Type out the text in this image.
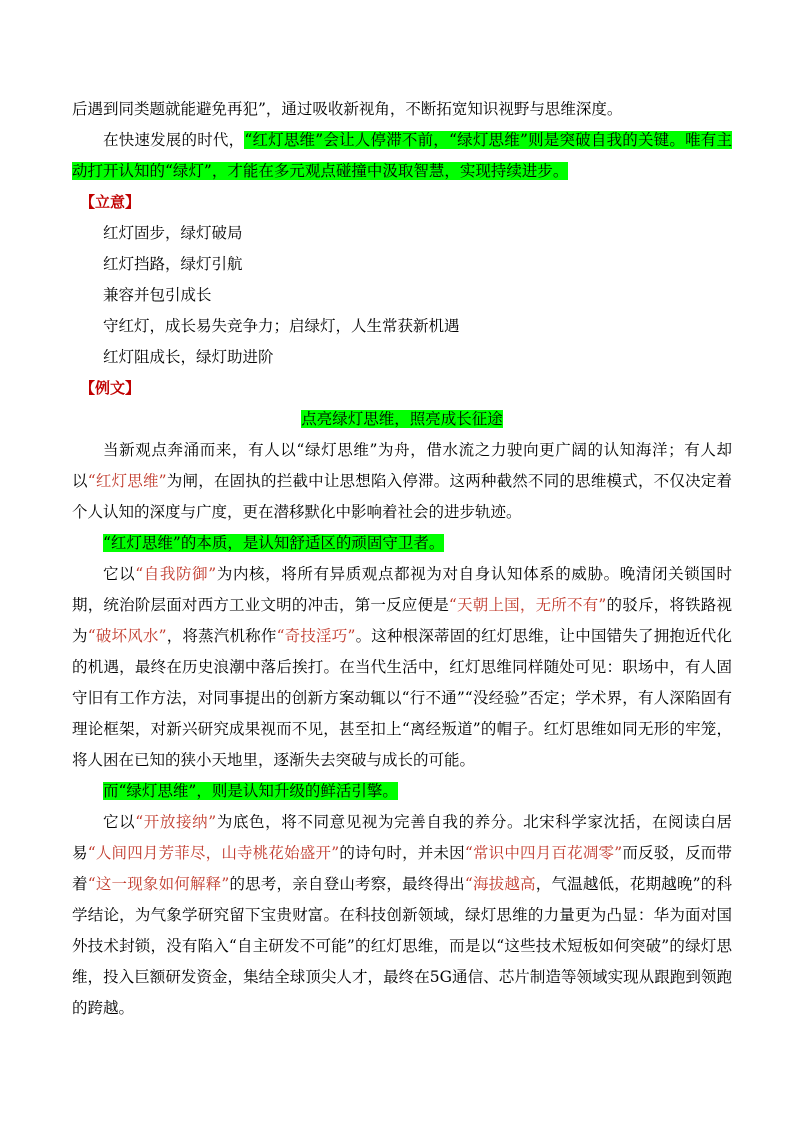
后遇到同类题就能避免再犯”，通过吸收新视角，不断拓宽知识视野与思维深度。

在快速发展的时代，“红灯思维”会让人停滞不前，“绿灯思维”则是突破自我的关键。唯有主动打开认知的“绿灯”，才能在多元观点碰撞中汲取智慧，实现持续进步。

【立意】

红灯固步，绿灯破局

红灯挡路，绿灯引航

兼容并包引成长

守红灯，成长易失竞争力；启绿灯，人生常获新机遇

红灯阻成长，绿灯助进阶

【例文】

点亮绿灯思维，照亮成长征途

当新观点奔涌而来，有人以“绿灯思维”为舟，借水流之力驶向更广阔的认知海洋；有人却以“红灯思维”为闸，在固执的拦截中让思想陷入停滞。这两种截然不同的思维模式，不仅决定着个人认知的深度与广度，更在潜移默化中影响着社会的进步轨迹。

“红灯思维”的本质，是认知舒适区的顽固守卫者。

它以“自我防御”为内核，将所有异质观点都视为对自身认知体系的威胁。晚清闭关锁国时期，统治阶层面对西方工业文明的冲击，第一反应便是“天朝上国，无所不有”的驳斥，将铁路视为“破坏风水”，将蒸汽机称作“奇技淫巧”。这种根深蒂固的红灯思维，让中国错失了拥抱近代化的机遇，最终在历史浪潮中落后挨打。在当代生活中，红灯思维同样随处可见：职场中，有人固守旧有工作方法，对同事提出的创新方案动辄以“行不通”“没经验”否定；学术界，有人深陷固有理论框架，对新兴研究成果视而不见，甚至扣上“离经叛道”的帽子。红灯思维如同无形的牢笼，将人困在已知的狭小天地里，逐渐失去突破与成长的可能。

而“绿灯思维”，则是认知升级的鲜活引擎。

它以“开放接纳”为底色，将不同意见视为完善自我的养分。北宋科学家沈括，在阅读白居易“人间四月芳菲尽，山寺桃花始盛开”的诗句时，并未因“常识中四月百花凋零”而反驳，反而带着“这一现象如何解释”的思考，亲自登山考察，最终得出“海拔越高，气温越低，花期越晚”的科学结论，为气象学研究留下宝贵财富。在科技创新领域，绿灯思维的力量更为凸显：华为面对国外技术封锁，没有陷入“自主研发不可能”的红灯思维，而是以“这些技术短板如何突破”的绿灯思维，投入巨额研发资金，集结全球顶尖人才，最终在5G通信、芯片制造等领域实现从跟跑到领跑的跨越。
